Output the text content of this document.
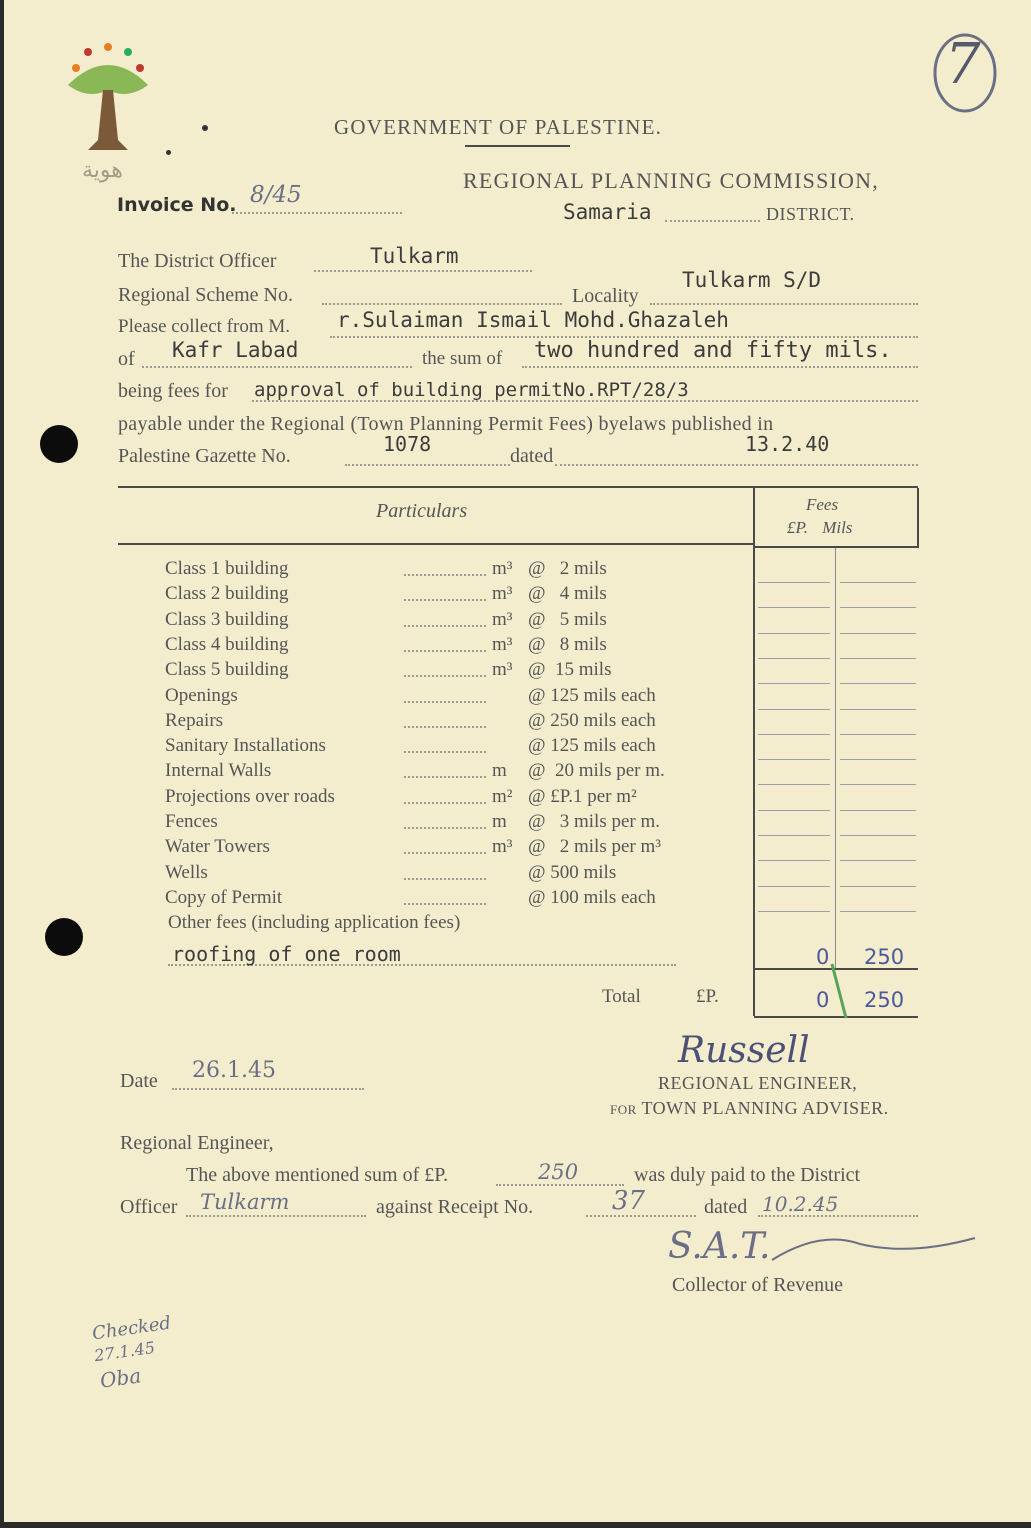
7
هوية
GOVERNMENT OF PALESTINE.
REGIONAL PLANNING COMMISSION,
Invoice No. 8/45
Samaria	DISTRICT.
The District Officer	Tulkarm
Regional Scheme No.	Locality
Tulkarm S/D
Please collect from M. r.Sulaiman Ismail Mohd.Ghazaleh
of Kafr Labad	the sum of two hundred and fifty mils.
being fees for approval of building permitNo.RPT/28/3
payable under the Regional (Town Planning Permit Fees) byelaws published in
Palestine Gazette No.	1078	dated	13.2.40
Particulars	Fees
£P. Mils
Class 1 building	m³ @   2 mils
Class 2 building	m³ @   4 mils
Class 3 building	m³ @   5 mils
Class 4 building	m³ @   8 mils
Class 5 building	m³ @  15 mils
Openings	@ 125 mils each
Repairs	@ 250 mils each
Sanitary Installations	@ 125 mils each
Internal Walls	m @  20 mils per m.
Projections over roads	m² @ £P.1 per m²
Fences	m @   3 mils per m.
Water Towers	m³ @   2 mils per m³
Wells	@ 500 mils
Copy of Permit	@ 100 mils each
Other fees (including application fees)
roofing of one room	0 250
Total	£P.	0 250
Date 26.1.45	Russell
REGIONAL ENGINEER,
for TOWN PLANNING ADVISER.
Regional Engineer,
The above mentioned sum of £P.	250	was duly paid to the District
Officer Tulkarm	against Receipt No.	37	dated 10.2.45
S.A.T.
Collector of Revenue
Checked
27.1.45
Oba
